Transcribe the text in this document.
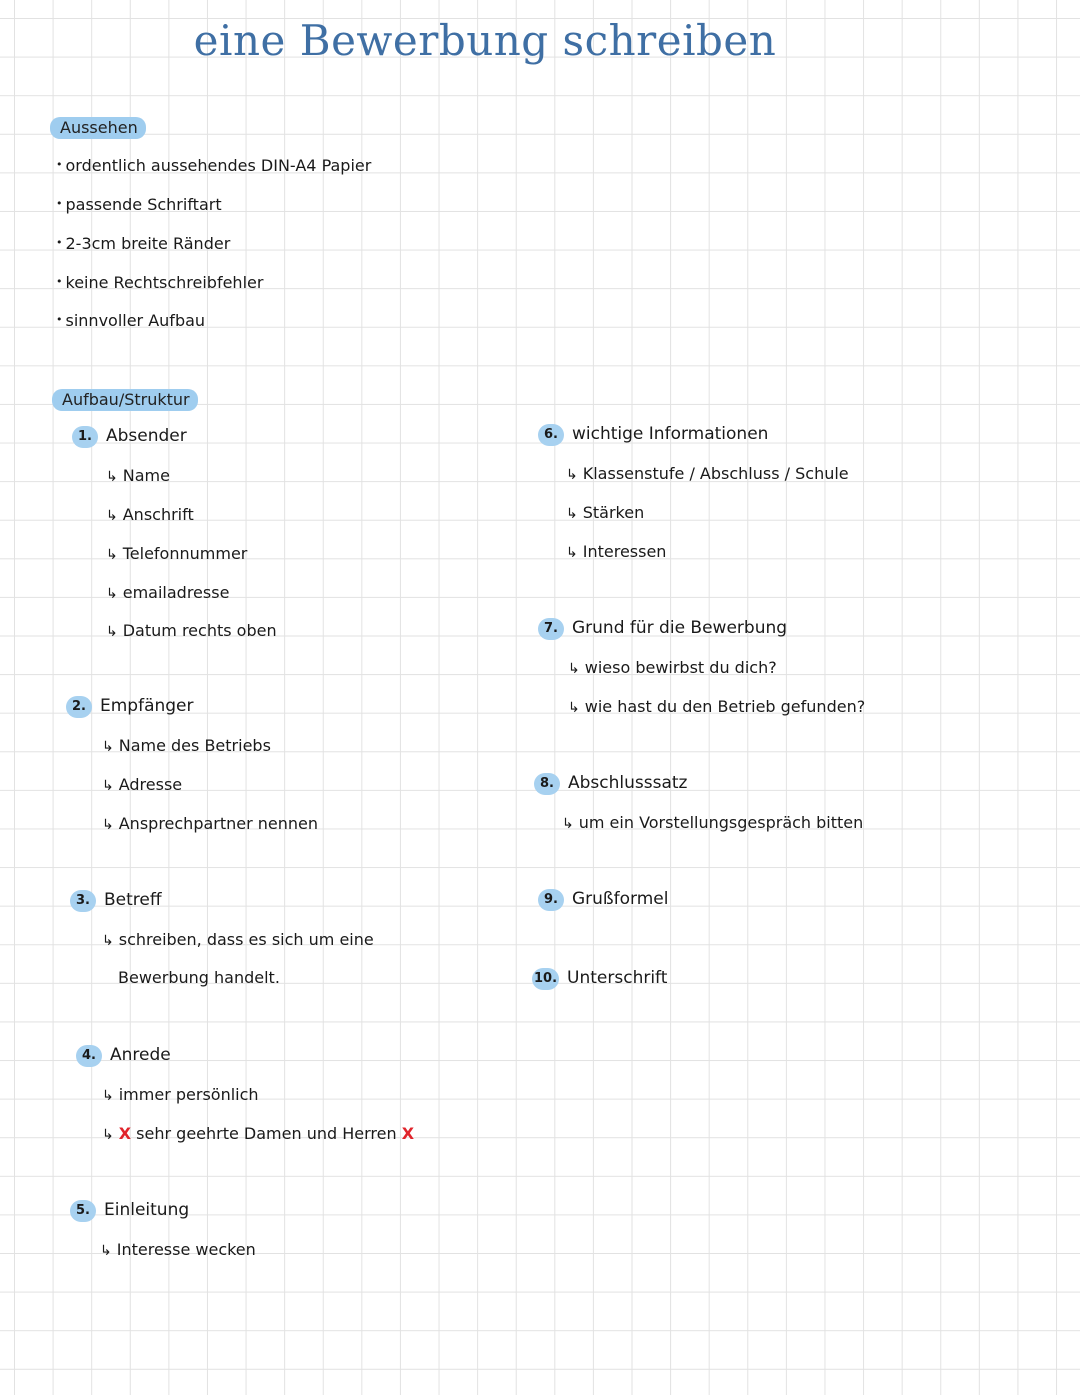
eine Bewerbung schreiben
Aussehen
• ordentlich aussehendes DIN-A4 Papier
• passende Schriftart
• 2-3cm breite Ränder
• keine Rechtschreibfehler
• sinnvoller Aufbau
Aufbau/Struktur
1. Absender
↳ Name
↳ Anschrift
↳ Telefonnummer
↳ emailadresse
↳ Datum rechts oben
2. Empfänger
↳ Name des Betriebs
↳ Adresse
↳ Ansprechpartner nennen
3. Betreff
↳ schreiben, dass es sich um eine
Bewerbung handelt.
4. Anrede
↳ immer persönlich
↳ X sehr geehrte Damen und Herren X
5. Einleitung
↳ Interesse wecken
6. wichtige Informationen
↳ Klassenstufe / Abschluss / Schule
↳ Stärken
↳ Interessen
7. Grund für die Bewerbung
↳ wieso bewirbst du dich?
↳ wie hast du den Betrieb gefunden?
8. Abschlusssatz
↳ um ein Vorstellungsgespräch bitten
9. Grußformel
10. Unterschrift
